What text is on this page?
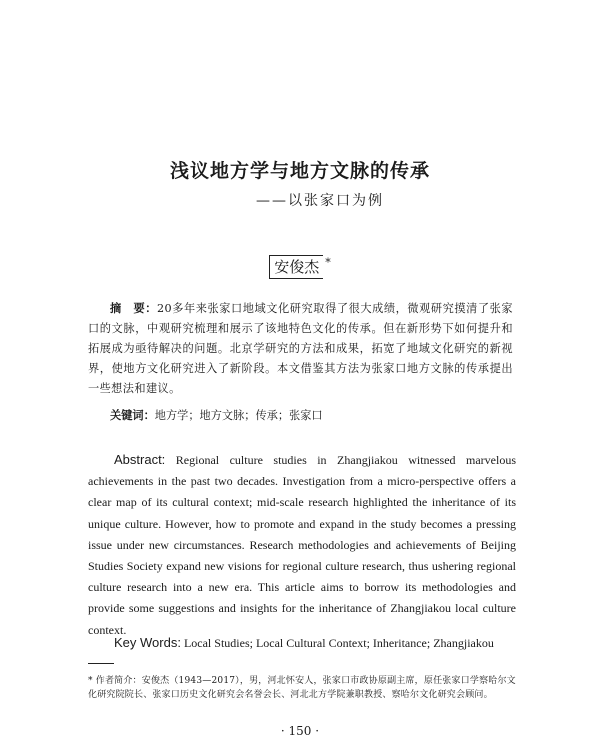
浅议地方学与地方文脉的传承
——以张家口为例
安俊杰 *
摘　要：20多年来张家口地域文化研究取得了很大成绩，微观研究摸清了张家口的文脉，中观研究梳理和展示了该地特色文化的传承。但在新形势下如何提升和拓展成为亟待解决的问题。北京学研究的方法和成果，拓宽了地域文化研究的新视界，使地方文化研究进入了新阶段。本文借鉴其方法为张家口地方文脉的传承提出一些想法和建议。
关键词：地方学；地方文脉；传承；张家口
Abstract: Regional culture studies in Zhangjiakou witnessed marvelous achievements in the past two decades. Investigation from a micro-perspective offers a clear map of its cultural context; mid-scale research highlighted the inheritance of its unique culture. However, how to promote and expand in the study becomes a pressing issue under new circumstances. Research methodologies and achievements of Beijing Studies Society expand new visions for regional culture research, thus ushering regional culture research into a new era. This article aims to borrow its methodologies and provide some suggestions and insights for the inheritance of Zhangjiakou local culture context.
Key Words: Local Studies; Local Cultural Context; Inheritance; Zhangjiakou
* 作者简介：安俊杰（1943—2017），男，河北怀安人，张家口市政协原副主席，原任张家口学察哈尔文化研究院院长、张家口历史文化研究会名誉会长、河北北方学院兼职教授、察哈尔文化研究会顾问。
· 150 ·
